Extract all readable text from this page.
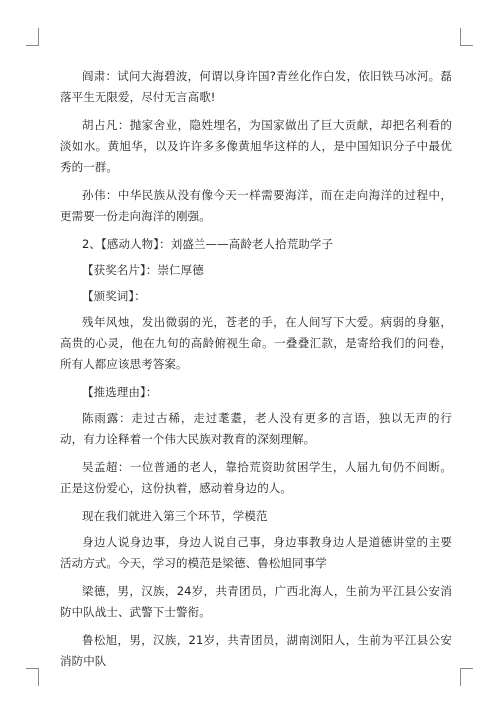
阎肃：试问大海碧波，何谓以身许国?青丝化作白发，依旧铁马冰河。磊落平生无限爱，尽付无言高歌!

胡占凡：抛家舍业，隐姓埋名，为国家做出了巨大贡献，却把名利看的淡如水。黄旭华，以及许许多多像黄旭华这样的人，是中国知识分子中最优秀的一群。

孙伟：中华民族从没有像今天一样需要海洋，而在走向海洋的过程中，更需要一份走向海洋的刚强。

2、【感动人物】：刘盛兰——高龄老人拾荒助学子

【获奖名片】：崇仁厚德

【颁奖词】：

残年风烛，发出微弱的光，苍老的手，在人间写下大爱。病弱的身躯，高贵的心灵，他在九旬的高龄俯视生命。一叠叠汇款，是寄给我们的问卷，所有人都应该思考答案。

【推选理由】：

陈雨露：走过古稀，走过耄耋，老人没有更多的言语，独以无声的行动，有力诠释着一个伟大民族对教育的深刻理解。

吴孟超：一位普通的老人，靠拾荒资助贫困学生，人届九旬仍不间断。正是这份爱心，这份执着，感动着身边的人。

现在我们就进入第三个环节，学模范

身边人说身边事，身边人说自己事，身边事教身边人是道德讲堂的主要活动方式。今天，学习的模范是梁德、鲁松旭同事学

梁德，男，汉族，24岁，共青团员，广西北海人，生前为平江县公安消防中队战士、武警下士警衔。

鲁松旭，男，汉族，21岁，共青团员，湖南浏阳人，生前为平江县公安消防中队
